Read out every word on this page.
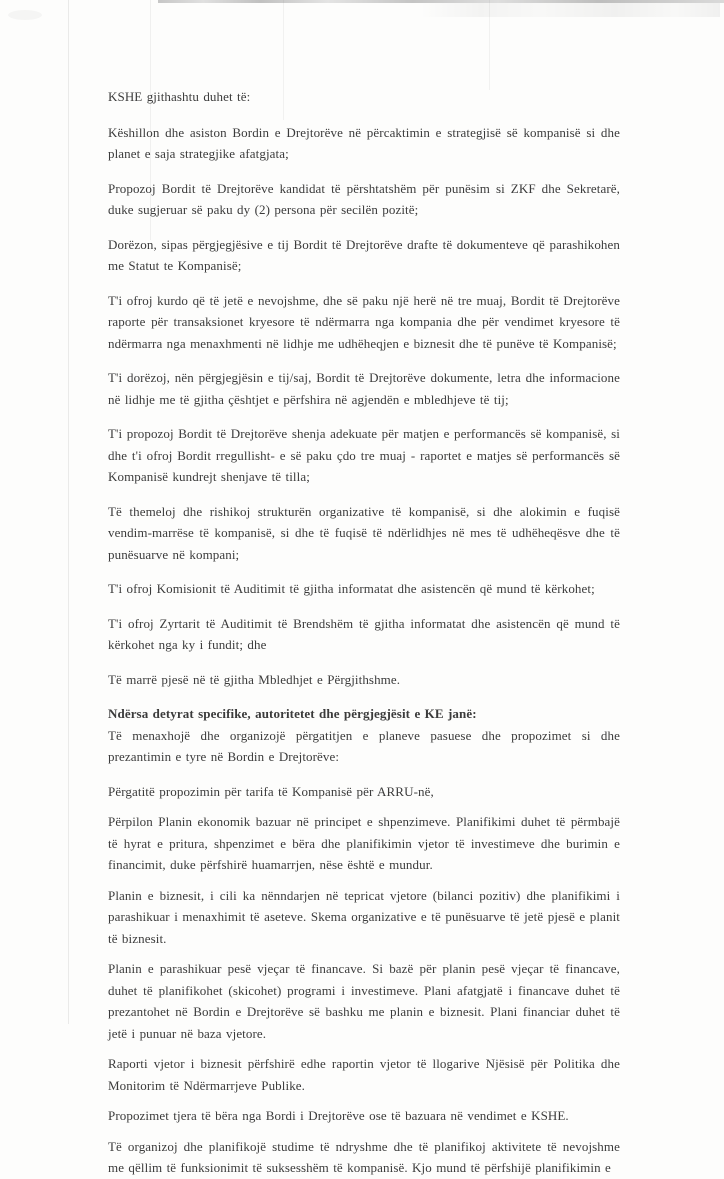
KSHE gjithashtu duhet të:

Këshillon dhe asiston Bordin e Drejtorëve në përcaktimin e strategjisë së kompanisë si dhe planet e saja strategjike afatgjata;

Propozoj Bordit të Drejtorëve kandidat të përshtatshëm për punësim si ZKF dhe Sekretarë, duke sugjeruar së paku dy (2) persona për secilën pozitë;

Dorëzon, sipas përgjegjësive e tij Bordit të Drejtorëve drafte të dokumenteve që parashikohen me Statut te Kompanisë;

T'i ofroj kurdo që të jetë e nevojshme, dhe së paku një herë në tre muaj, Bordit të Drejtorëve raporte për transaksionet kryesore të ndërmarra nga kompania dhe për vendimet kryesore të ndërmarra nga menaxhmenti në lidhje me udhëheqjen e biznesit dhe të punëve të Kompanisë;

T'i dorëzoj, nën përgjegjësin e tij/saj, Bordit të Drejtorëve dokumente, letra dhe informacione në lidhje me të gjitha çështjet e përfshira në agjendën e mbledhjeve të tij;

T'i propozoj Bordit të Drejtorëve shenja adekuate për matjen e performancës së kompanisë, si dhe t'i ofroj Bordit rregullisht- e së paku çdo tre muaj - raportet e matjes së performancës së Kompanisë kundrejt shenjave të tilla;

Të themeloj dhe rishikoj strukturën organizative të kompanisë, si dhe alokimin e fuqisë vendim-marrëse të kompanisë, si dhe të fuqisë të ndërlidhjes në mes të udhëheqësve dhe të punësuarve në kompani;

T'i ofroj Komisionit të Auditimit të gjitha informatat dhe asistencën që mund të kërkohet;

T'i ofroj Zyrtarit të Auditimit të Brendshëm të gjitha informatat dhe asistencën që mund të kërkohet nga ky i fundit; dhe

Të marrë pjesë në të gjitha Mbledhjet e Përgjithshme.

Ndërsa detyrat specifike, autoritetet dhe përgjegjësit e KE janë:

Të menaxhojë dhe organizojë përgatitjen e planeve pasuese dhe propozimet si dhe prezantimin e tyre në Bordin e Drejtorëve:

Përgatitë propozimin për tarifa të Kompanisë për ARRU-në,

Përpilon Planin ekonomik bazuar në principet e shpenzimeve. Planifikimi duhet të përmbajë të hyrat e pritura, shpenzimet e bëra dhe planifikimin vjetor të investimeve dhe burimin e financimit, duke përfshirë huamarrjen, nëse është e mundur.

Planin e biznesit, i cili ka nënndarjen në tepricat vjetore (bilanci pozitiv) dhe planifikimi i parashikuar i menaxhimit të aseteve. Skema organizative e të punësuarve të jetë pjesë e planit të biznesit.

Planin e parashikuar pesë vjeçar të financave. Si bazë për planin pesë vjeçar të financave, duhet të planifikohet (skicohet) programi i investimeve. Plani afatgjatë i financave duhet të prezantohet në Bordin e Drejtorëve së bashku me planin e biznesit. Plani financiar duhet të jetë i punuar në baza vjetore.

Raporti vjetor i biznesit përfshirë edhe raportin vjetor të llogarive Njësisë për Politika dhe Monitorim të Ndërmarrjeve Publike.

Propozimet tjera të bëra nga Bordi i Drejtorëve ose të bazuara në vendimet e KSHE.

Të organizoj dhe planifikojë studime të ndryshme dhe të planifikoj aktivitete të nevojshme me qëllim të funksionimit të suksesshëm të kompanisë. Kjo mund të përfshijë planifikimin e
